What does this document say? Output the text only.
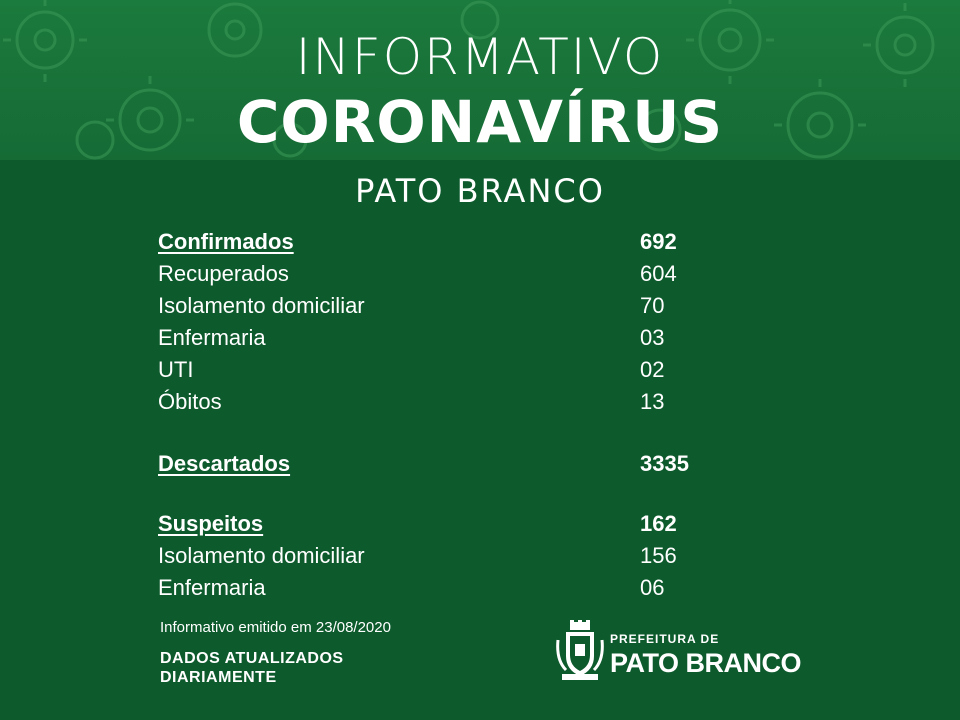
INFORMATIVO
CORONAVÍRUS
PATO BRANCO
Confirmados	692
Recuperados	604
Isolamento domiciliar	70
Enfermaria	03
UTI	02
Óbitos	13
Descartados	3335
Suspeitos	162
Isolamento domiciliar	156
Enfermaria	06
Informativo emitido em 23/08/2020
DADOS ATUALIZADOS
DIARIAMENTE
PREFEITURA DE
PATO BRANCO
